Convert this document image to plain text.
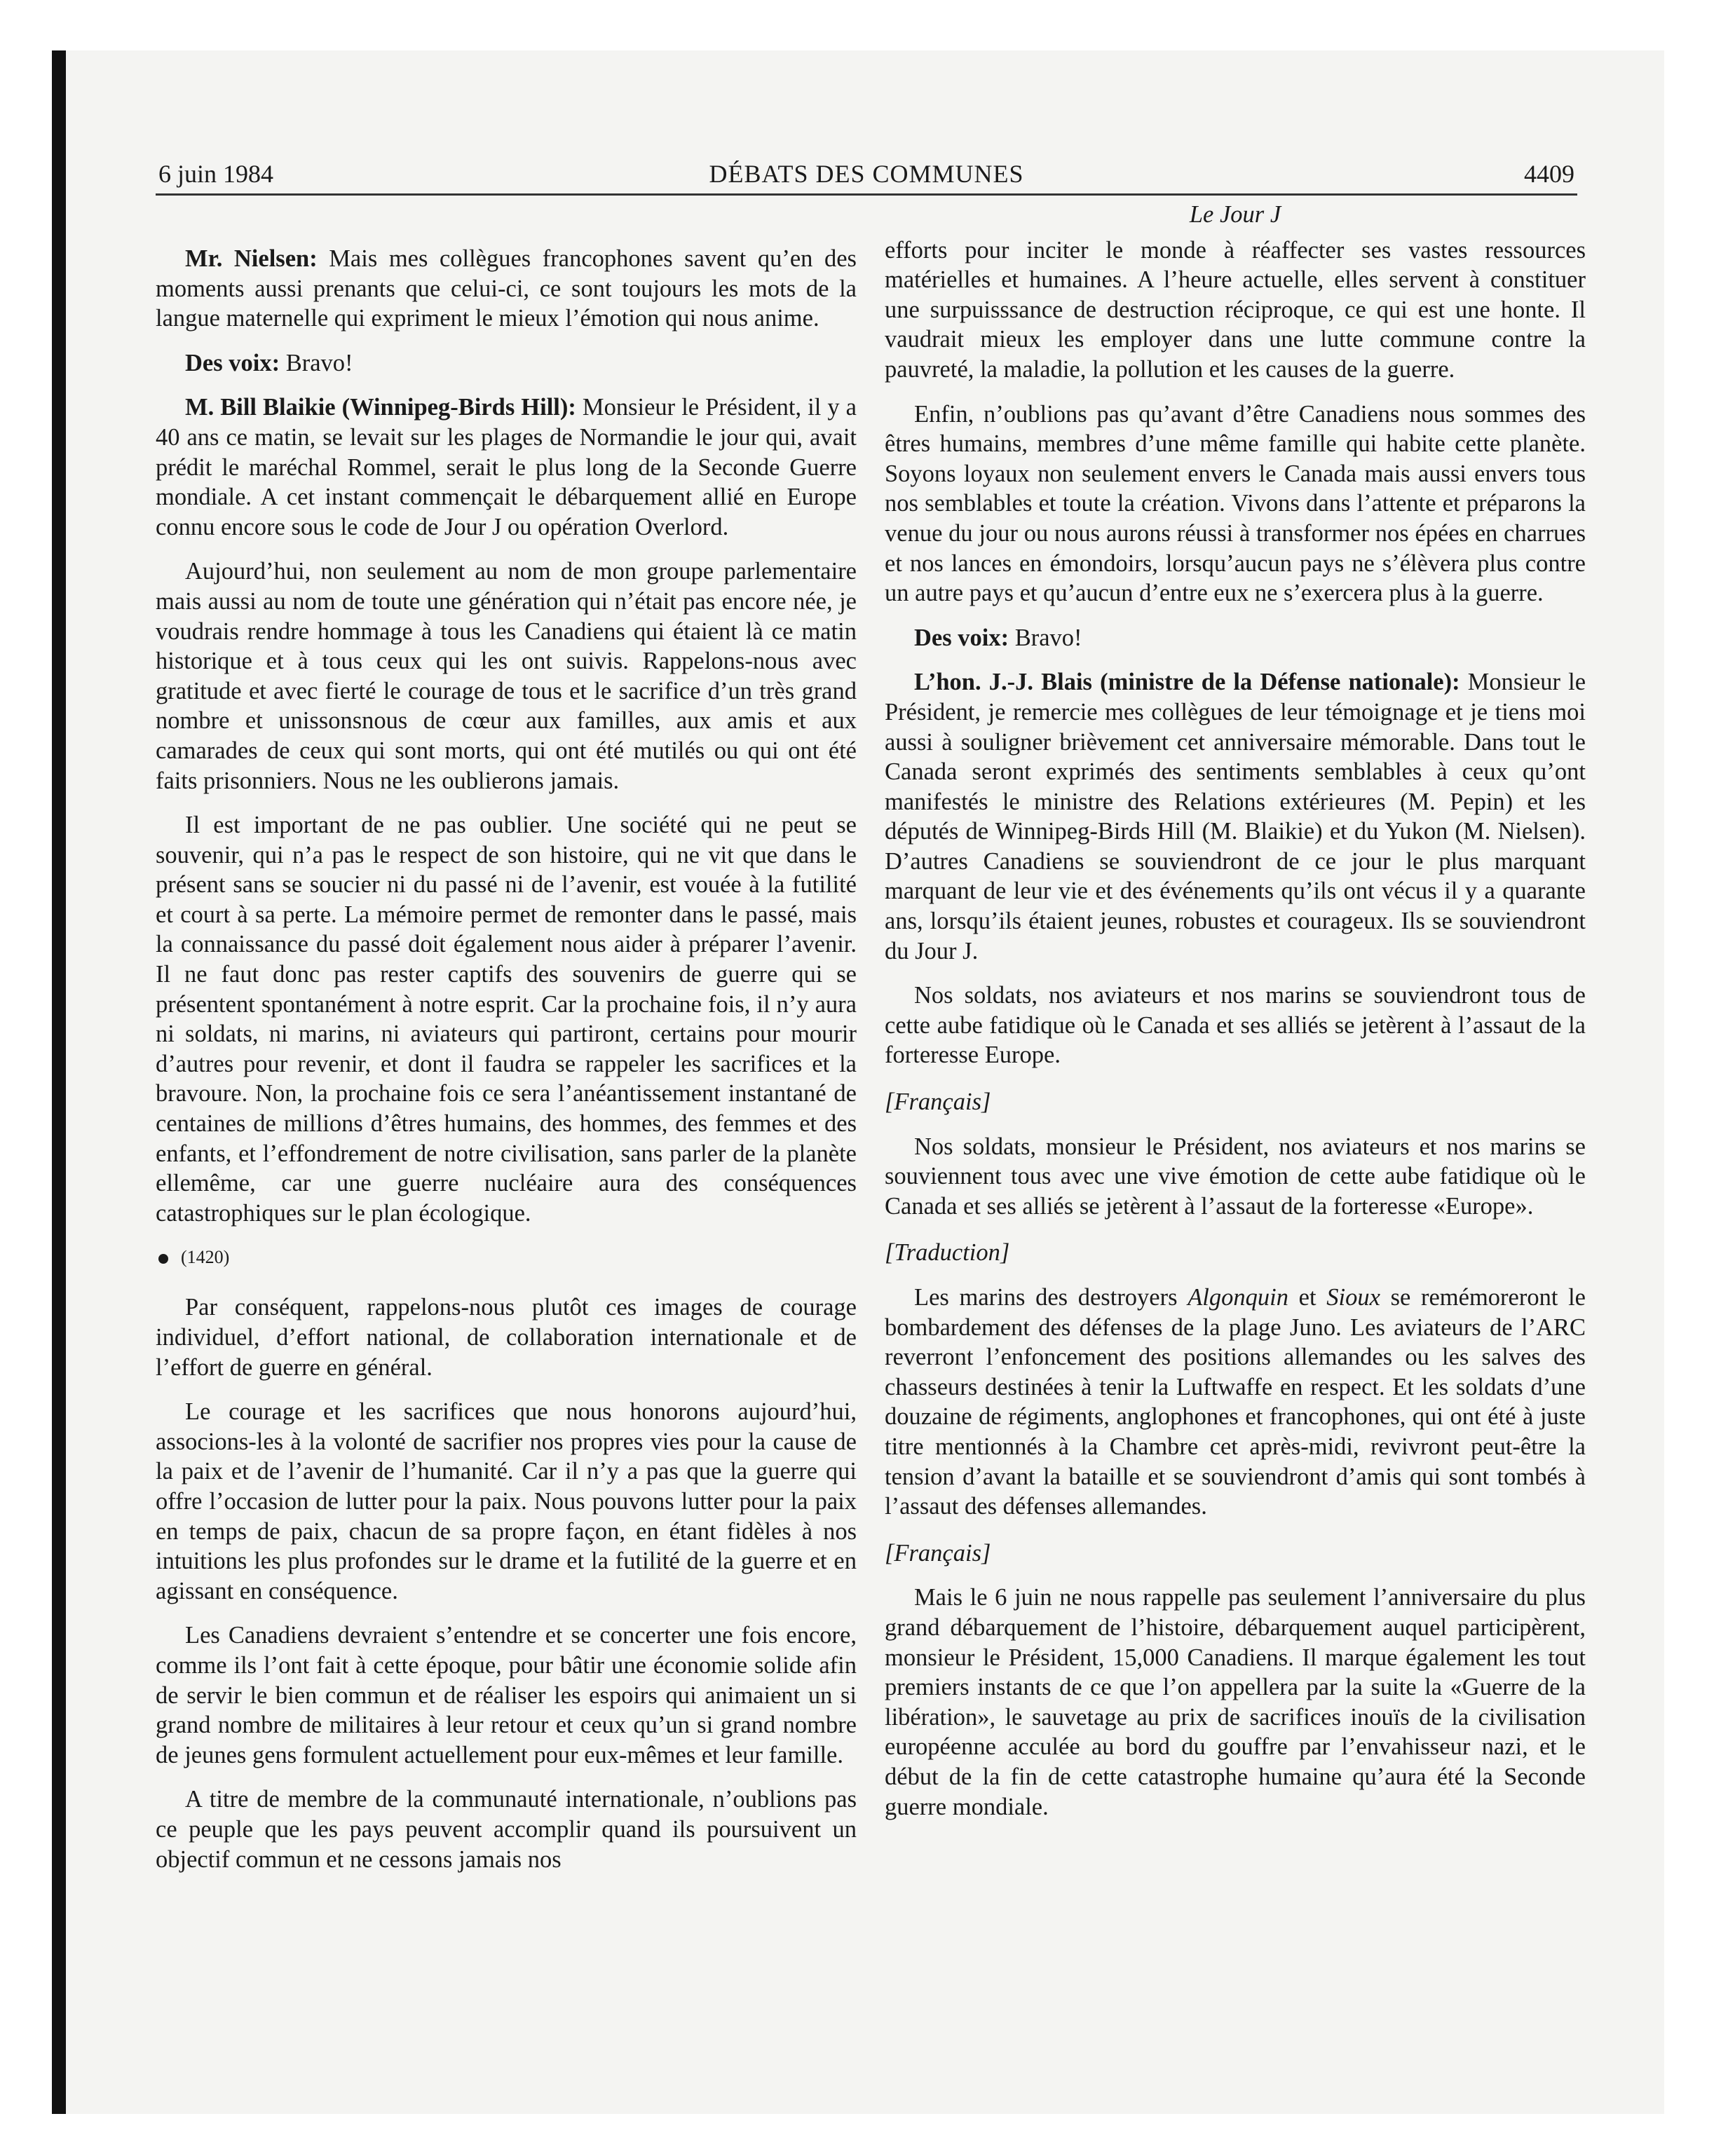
6 juin 1984	DÉBATS DES COMMUNES	4409

Mr. Nielsen: Mais mes collègues francophones savent qu’en des moments aussi prenants que celui-ci, ce sont toujours les mots de la langue maternelle qui expriment le mieux l’émotion qui nous anime.

Des voix: Bravo!

M. Bill Blaikie (Winnipeg-Birds Hill): Monsieur le Président, il y a 40 ans ce matin, se levait sur les plages de Normandie le jour qui, avait prédit le maréchal Rommel, serait le plus long de la Seconde Guerre mondiale. A cet instant commençait le débarquement allié en Europe connu encore sous le code de Jour J ou opération Overlord.

Aujourd’hui, non seulement au nom de mon groupe parlementaire mais aussi au nom de toute une génération qui n’était pas encore née, je voudrais rendre hommage à tous les Canadiens qui étaient là ce matin historique et à tous ceux qui les ont suivis. Rappelons-nous avec gratitude et avec fierté le courage de tous et le sacrifice d’un très grand nombre et unissonsnous de cœur aux familles, aux amis et aux camarades de ceux qui sont morts, qui ont été mutilés ou qui ont été faits prisonniers. Nous ne les oublierons jamais.

Il est important de ne pas oublier. Une société qui ne peut se souvenir, qui n’a pas le respect de son histoire, qui ne vit que dans le présent sans se soucier ni du passé ni de l’avenir, est vouée à la futilité et court à sa perte. La mémoire permet de remonter dans le passé, mais la connaissance du passé doit également nous aider à préparer l’avenir. Il ne faut donc pas rester captifs des souvenirs de guerre qui se présentent spontanément à notre esprit. Car la prochaine fois, il n’y aura ni soldats, ni marins, ni aviateurs qui partiront, certains pour mourir d’autres pour revenir, et dont il faudra se rappeler les sacrifices et la bravoure. Non, la prochaine fois ce sera l’anéantissement instantané de centaines de millions d’êtres humains, des hommes, des femmes et des enfants, et l’effondrement de notre civilisation, sans parler de la planète ellemême, car une guerre nucléaire aura des conséquences catastrophiques sur le plan écologique.

(1420)

Par conséquent, rappelons-nous plutôt ces images de courage individuel, d’effort national, de collaboration internationale et de l’effort de guerre en général.

Le courage et les sacrifices que nous honorons aujourd’hui, associons-les à la volonté de sacrifier nos propres vies pour la cause de la paix et de l’avenir de l’humanité. Car il n’y a pas que la guerre qui offre l’occasion de lutter pour la paix. Nous pouvons lutter pour la paix en temps de paix, chacun de sa propre façon, en étant fidèles à nos intuitions les plus profondes sur le drame et la futilité de la guerre et en agissant en conséquence.

Les Canadiens devraient s’entendre et se concerter une fois encore, comme ils l’ont fait à cette époque, pour bâtir une économie solide afin de servir le bien commun et de réaliser les espoirs qui animaient un si grand nombre de militaires à leur retour et ceux qu’un si grand nombre de jeunes gens formulent actuellement pour eux-mêmes et leur famille.

A titre de membre de la communauté internationale, n’oublions pas ce peuple que les pays peuvent accomplir quand ils poursuivent un objectif commun et ne cessons jamais nos

Le Jour J

efforts pour inciter le monde à réaffecter ses vastes ressources matérielles et humaines. A l’heure actuelle, elles servent à constituer une surpuisssance de destruction réciproque, ce qui est une honte. Il vaudrait mieux les employer dans une lutte commune contre la pauvreté, la maladie, la pollution et les causes de la guerre.

Enfin, n’oublions pas qu’avant d’être Canadiens nous sommes des êtres humains, membres d’une même famille qui habite cette planète. Soyons loyaux non seulement envers le Canada mais aussi envers tous nos semblables et toute la création. Vivons dans l’attente et préparons la venue du jour ou nous aurons réussi à transformer nos épées en charrues et nos lances en émondoirs, lorsqu’aucun pays ne s’élèvera plus contre un autre pays et qu’aucun d’entre eux ne s’exercera plus à la guerre.

Des voix: Bravo!

L’hon. J.-J. Blais (ministre de la Défense nationale): Monsieur le Président, je remercie mes collègues de leur témoignage et je tiens moi aussi à souligner brièvement cet anniversaire mémorable. Dans tout le Canada seront exprimés des sentiments semblables à ceux qu’ont manifestés le ministre des Relations extérieures (M. Pepin) et les députés de Winnipeg-Birds Hill (M. Blaikie) et du Yukon (M. Nielsen). D’autres Canadiens se souviendront de ce jour le plus marquant marquant de leur vie et des événements qu’ils ont vécus il y a quarante ans, lorsqu’ils étaient jeunes, robustes et courageux. Ils se souviendront du Jour J.

Nos soldats, nos aviateurs et nos marins se souviendront tous de cette aube fatidique où le Canada et ses alliés se jetèrent à l’assaut de la forteresse Europe.

[Français]

Nos soldats, monsieur le Président, nos aviateurs et nos marins se souviennent tous avec une vive émotion de cette aube fatidique où le Canada et ses alliés se jetèrent à l’assaut de la forteresse «Europe».

[Traduction]

Les marins des destroyers Algonquin et Sioux se remémoreront le bombardement des défenses de la plage Juno. Les aviateurs de l’ARC reverront l’enfoncement des positions allemandes ou les salves des chasseurs destinées à tenir la Luftwaffe en respect. Et les soldats d’une douzaine de régiments, anglophones et francophones, qui ont été à juste titre mentionnés à la Chambre cet après-midi, revivront peut-être la tension d’avant la bataille et se souviendront d’amis qui sont tombés à l’assaut des défenses allemandes.

[Français]

Mais le 6 juin ne nous rappelle pas seulement l’anniversaire du plus grand débarquement de l’histoire, débarquement auquel participèrent, monsieur le Président, 15,000 Canadiens. Il marque également les tout premiers instants de ce que l’on appellera par la suite la «Guerre de la libération», le sauvetage au prix de sacrifices inouïs de la civilisation européenne acculée au bord du gouffre par l’envahisseur nazi, et le début de la fin de cette catastrophe humaine qu’aura été la Seconde guerre mondiale.
